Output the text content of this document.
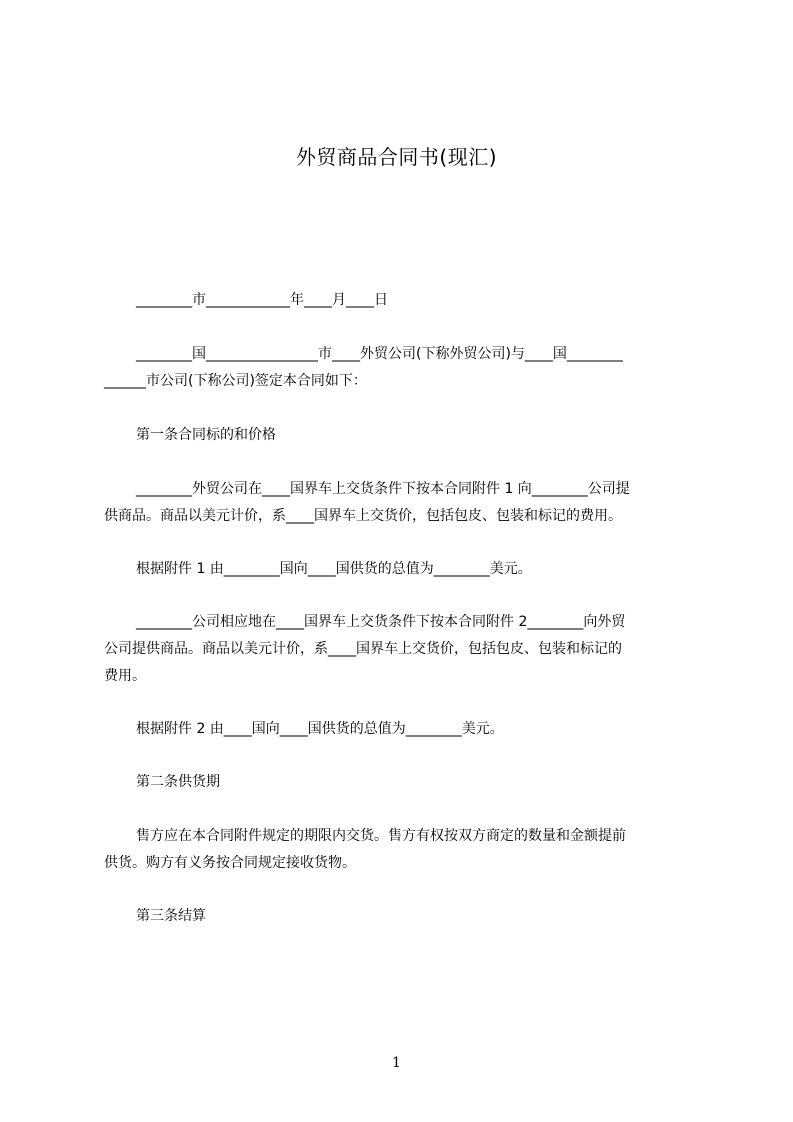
外贸商品合同书(现汇)
________市____________年____月____日
________国________________市____外贸公司(下称外贸公司)与____国________
______市公司(下称公司)签定本合同如下：
第一条合同标的和价格
________外贸公司在____国界车上交货条件下按本合同附件 1 向________公司提
供商品。商品以美元计价，系____国界车上交货价，包括包皮、包装和标记的费用。
根据附件 1 由________国向____国供货的总值为________美元。
________公司相应地在____国界车上交货条件下按本合同附件 2________向外贸
公司提供商品。商品以美元计价，系____国界车上交货价，包括包皮、包装和标记的
费用。
根据附件 2 由____国向____国供货的总值为________美元。
第二条供货期
售方应在本合同附件规定的期限内交货。售方有权按双方商定的数量和金额提前
供货。购方有义务按合同规定接收货物。
第三条结算
1
